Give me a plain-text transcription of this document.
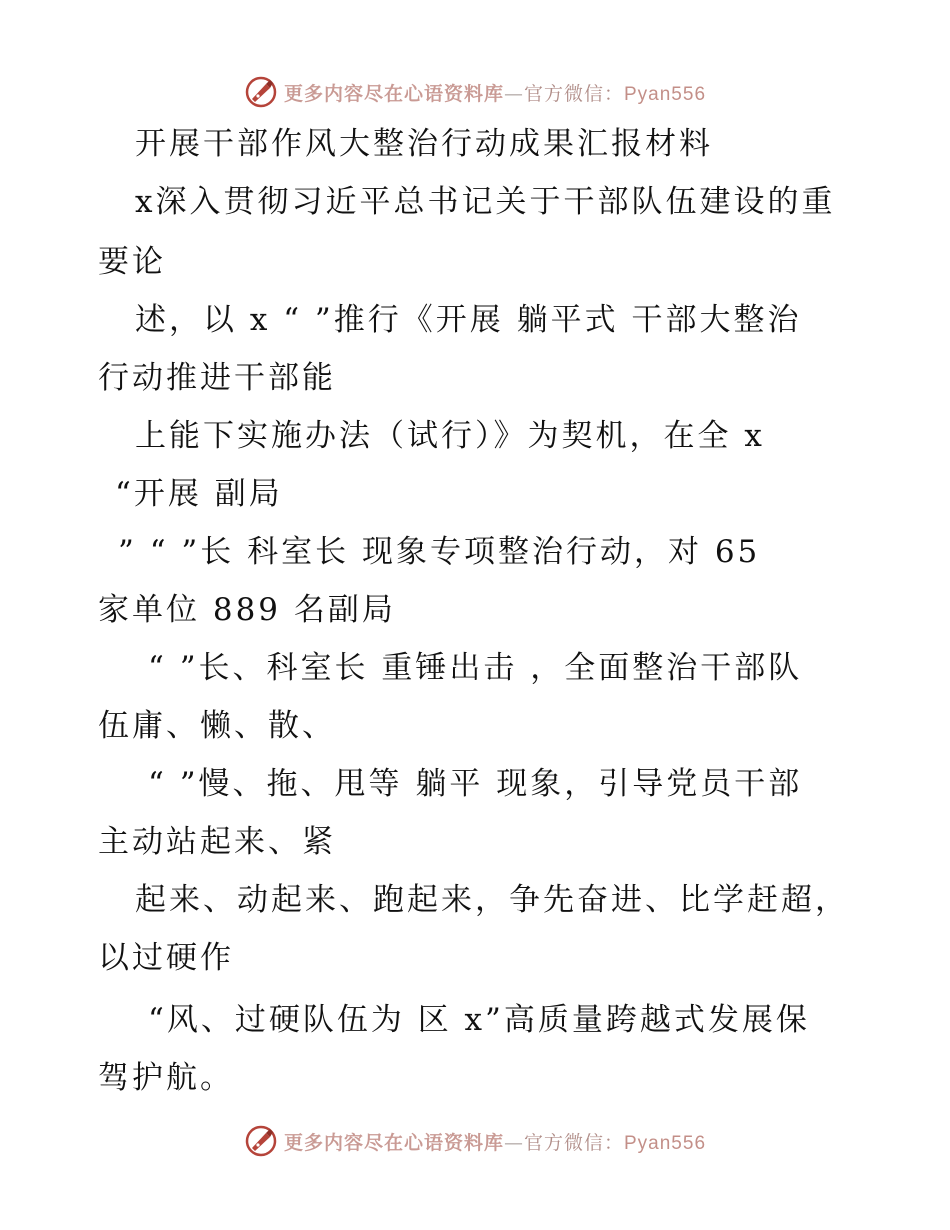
更多内容尽在心语资料库—官方微信：Pyan556
开展干部作风大整治行动成果汇报材料
x深入贯彻习近平总书记关于干部队伍建设的重
要论
述，以 x “ ”推行《开展 躺平式 干部大整治
行动推进干部能
上能下实施办法（试行）》为契机，在全 x
“开展 副局
” “ ”长 科室长 现象专项整治行动，对 65
家单位 889 名副局
“ ”长、科室长 重锤出击 ，全面整治干部队
伍庸、懒、散、
“ ”慢、拖、甩等 躺平 现象，引导党员干部
主动站起来、紧
起来、动起来、跑起来，争先奋进、比学赶超，
以过硬作
“风、过硬队伍为 区 x”高质量跨越式发展保
驾护航。
更多内容尽在心语资料库—官方微信：Pyan556
